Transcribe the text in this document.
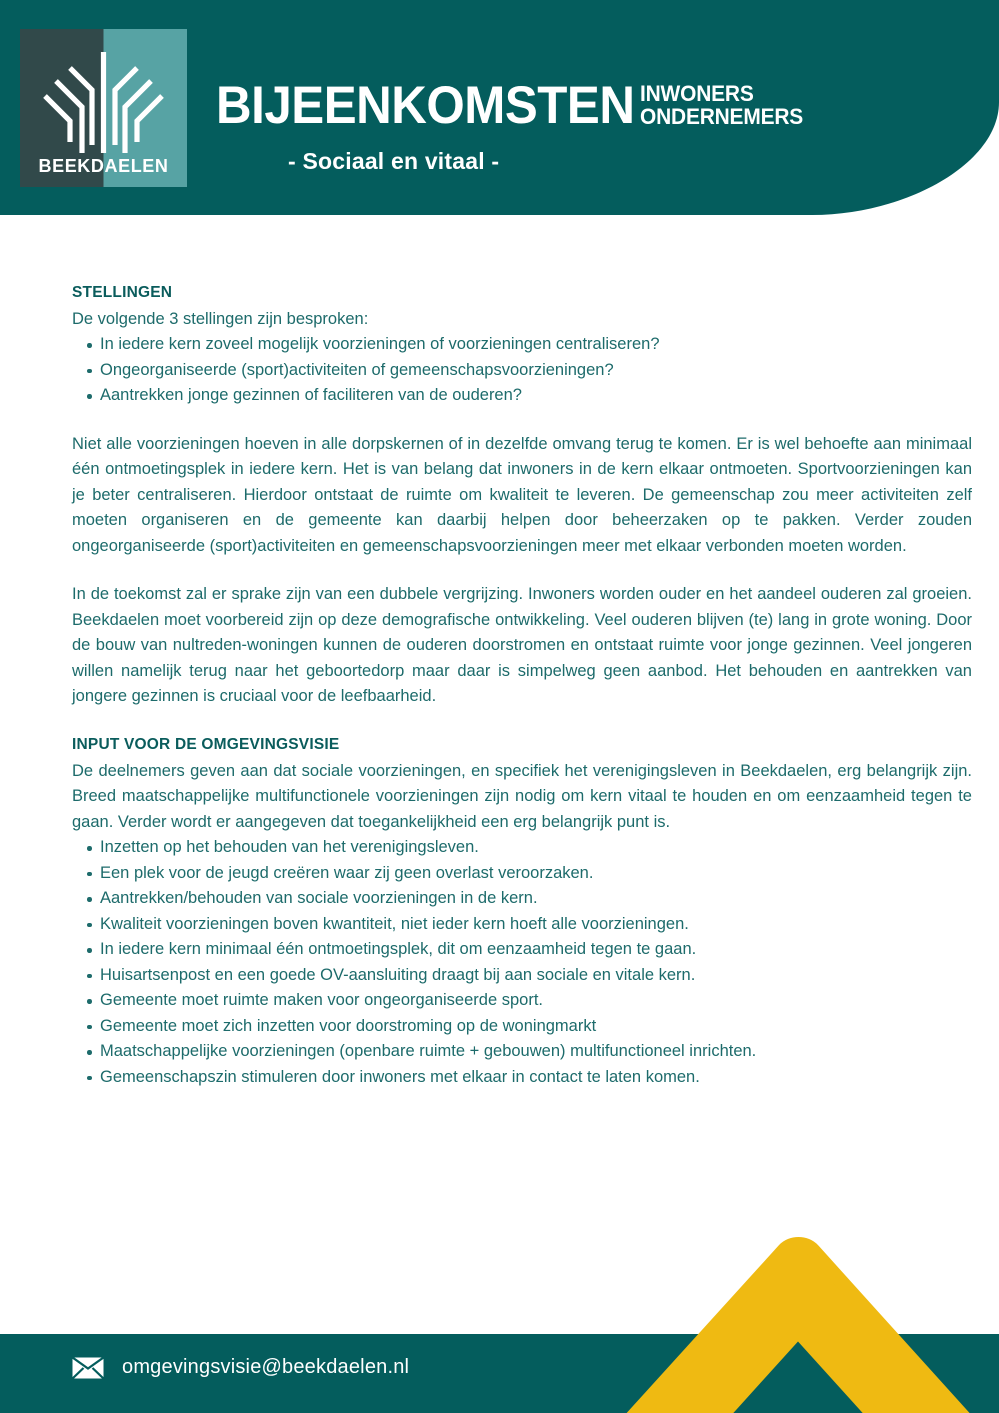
BEEKDAELEN
BIJEENKOMSTEN INWONERS
ONDERNEMERS
- Sociaal en vitaal -
STELLINGEN

De volgende 3 stellingen zijn besproken:

In iedere kern zoveel mogelijk voorzieningen of voorzieningen centraliseren?
Ongeorganiseerde (sport)activiteiten of gemeenschapsvoorzieningen?
Aantrekken jonge gezinnen of faciliteren van de ouderen?

Niet alle voorzieningen hoeven in alle dorpskernen of in dezelfde omvang terug te komen. Er is wel behoefte aan minimaal één ontmoetingsplek in iedere kern. Het is van belang dat inwoners in de kern elkaar ontmoeten. Sportvoorzieningen kan je beter centraliseren. Hierdoor ontstaat de ruimte om kwaliteit te leveren. De gemeenschap zou meer activiteiten zelf moeten organiseren en de gemeente kan daarbij helpen door beheerzaken op te pakken. Verder zouden ongeorganiseerde (sport)activiteiten en gemeenschapsvoorzieningen meer met elkaar verbonden moeten worden.

In de toekomst zal er sprake zijn van een dubbele vergrijzing. Inwoners worden ouder en het aandeel ouderen zal groeien. Beekdaelen moet voorbereid zijn op deze demografische ontwikkeling. Veel ouderen blijven (te) lang in grote woning. Door de bouw van nultreden-woningen kunnen de ouderen doorstromen en ontstaat ruimte voor jonge gezinnen. Veel jongeren willen namelijk terug naar het geboortedorp maar daar is simpelweg geen aanbod. Het behouden en aantrekken van jongere gezinnen is cruciaal voor de leefbaarheid.

INPUT VOOR DE OMGEVINGSVISIE

De deelnemers geven aan dat sociale voorzieningen, en specifiek het verenigingsleven in Beekdaelen, erg belangrijk zijn. Breed maatschappelijke multifunctionele voorzieningen zijn nodig om kern vitaal te houden en om eenzaamheid tegen te gaan. Verder wordt er aangegeven dat toegankelijkheid een erg belangrijk punt is.

Inzetten op het behouden van het verenigingsleven.
Een plek voor de jeugd creëren waar zij geen overlast veroorzaken.
Aantrekken/behouden van sociale voorzieningen in de kern.
Kwaliteit voorzieningen boven kwantiteit, niet ieder kern hoeft alle voorzieningen.
In iedere kern minimaal één ontmoetingsplek, dit om eenzaamheid tegen te gaan.
Huisartsenpost en een goede OV-aansluiting draagt bij aan sociale en vitale kern.
Gemeente moet ruimte maken voor ongeorganiseerde sport.
Gemeente moet zich inzetten voor doorstroming op de woningmarkt
Maatschappelijke voorzieningen (openbare ruimte + gebouwen) multifunctioneel inrichten.
Gemeenschapszin stimuleren door inwoners met elkaar in contact te laten komen.
omgevingsvisie@beekdaelen.nl
